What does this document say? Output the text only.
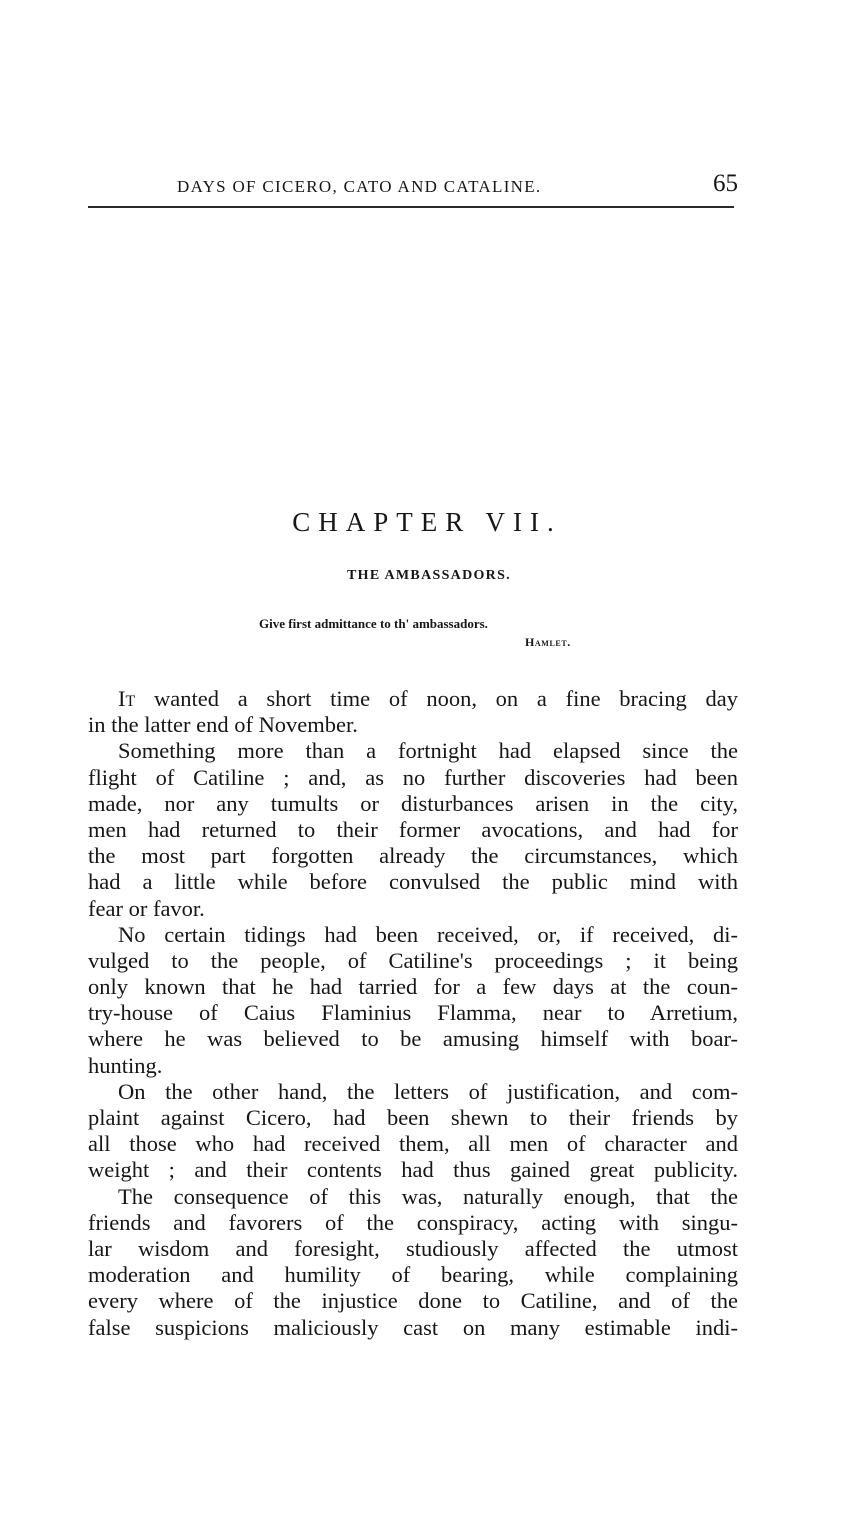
DAYS OF CICERO, CATO AND CATALINE.	65
CHAPTER VII.
THE AMBASSADORS.
Give first admittance to th' ambassadors.
Hamlet.
It wanted a short time of noon, on a fine bracing day
in the latter end of November.
Something more than a fortnight had elapsed since the
flight of Catiline ; and, as no further discoveries had been
made, nor any tumults or disturbances arisen in the city,
men had returned to their former avocations, and had for
the most part forgotten already the circumstances, which
had a little while before convulsed the public mind with
fear or favor.
No certain tidings had been received, or, if received, di-
vulged to the people, of Catiline's proceedings ; it being
only known that he had tarried for a few days at the coun-
try-house of Caius Flaminius Flamma, near to Arretium,
where he was believed to be amusing himself with boar-
hunting.
On the other hand, the letters of justification, and com-
plaint against Cicero, had been shewn to their friends by
all those who had received them, all men of character and
weight ; and their contents had thus gained great publicity.
The consequence of this was, naturally enough, that the
friends and favorers of the conspiracy, acting with singu-
lar wisdom and foresight, studiously affected the utmost
moderation and humility of bearing, while complaining
every where of the injustice done to Catiline, and of the
false suspicions maliciously cast on many estimable indi-
